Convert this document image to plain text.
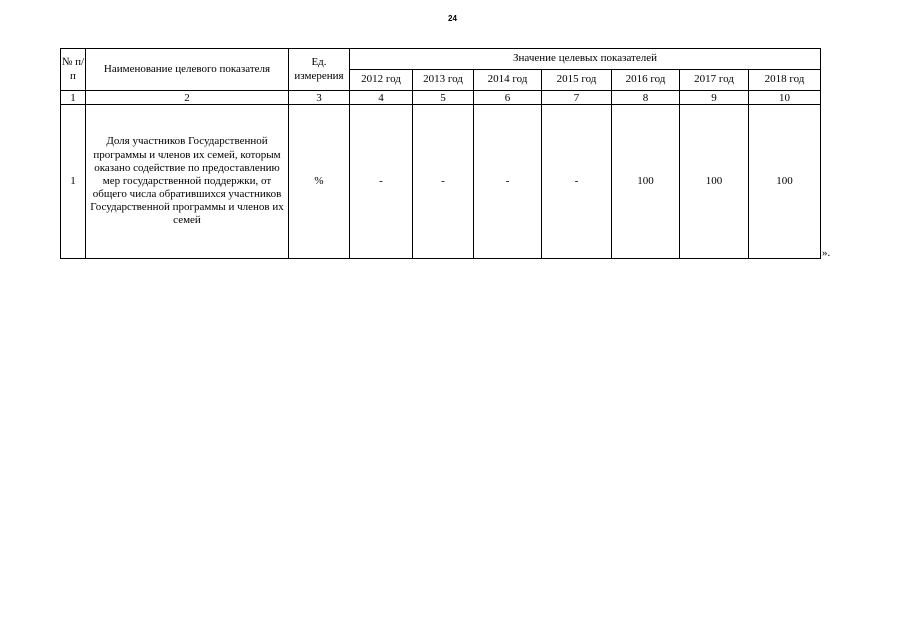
24
№ п/п	Наименование целевого показателя	Ед. измерения	Значение целевых показателей						
			2012 год	2013 год	2014 год	2015 год	2016 год	2017 год	2018 год
1	2	3	4	5	6	7	8	9	10
1	Доля участников Государственной программы и членов их семей, которым оказано содействие по предоставлению мер государственной поддержки, от общего числа обратившихся участников Государственной программы и членов их семей	%	-	-	-	-	100	100	100
».
